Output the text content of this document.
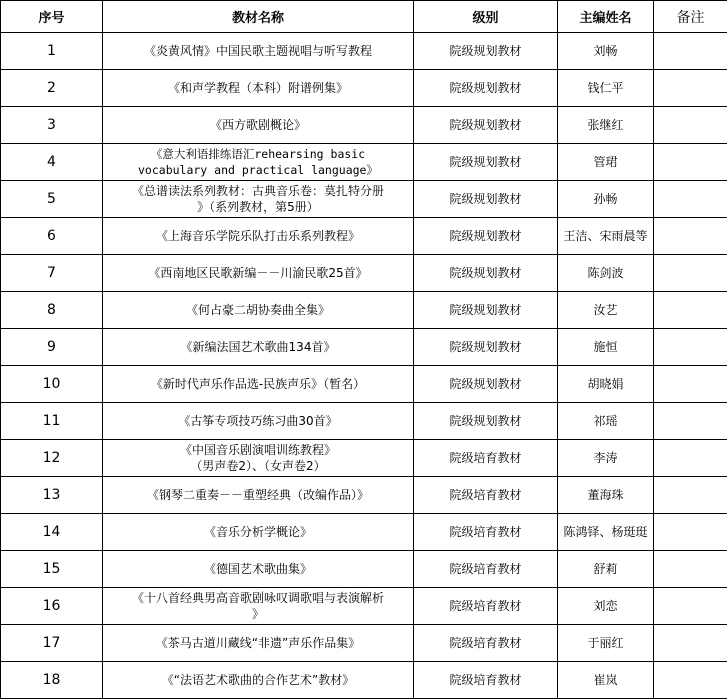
序号	教材名称	级别	主编姓名	备注
1	《炎黄风情》中国民歌主题视唱与听写教程	院级规划教材	刘畅	
2	《和声学教程（本科）附谱例集》	院级规划教材	钱仁平	
3	《西方歌剧概论》	院级规划教材	张继红	
4	《意大利语排练语汇rehearsing basic
vocabulary and practical language》	院级规划教材	管珺	
5	《总谱读法系列教材：古典音乐卷：莫扎特分册
》（系列教材，第5册）	院级规划教材	孙畅	
6	《上海音乐学院乐队打击乐系列教程》	院级规划教材	王洁、宋雨晨等	
7	《西南地区民歌新编－－川渝民歌25首》	院级规划教材	陈剑波	
8	《何占豪二胡协奏曲全集》	院级规划教材	汝艺	
9	《新编法国艺术歌曲134首》	院级规划教材	施恒	
10	《新时代声乐作品选-民族声乐》（暂名）	院级规划教材	胡晓娟	
11	《古筝专项技巧练习曲30首》	院级规划教材	祁瑶	
12	《中国音乐剧演唱训练教程》
（男声卷2）、（女声卷2）	院级培育教材	李涛	
13	《钢琴二重奏－－重塑经典（改编作品）》	院级培育教材	董海珠	
14	《音乐分析学概论》	院级培育教材	陈鸿铎、杨珽珽	
15	《德国艺术歌曲集》	院级培育教材	舒莉	
16	《十八首经典男高音歌剧咏叹调歌唱与表演解析
》	院级培育教材	刘恋	
17	《茶马古道川藏线“非遗”声乐作品集》	院级培育教材	于丽红	
18	《“法语艺术歌曲的合作艺术”教材》	院级培育教材	崔岚	
